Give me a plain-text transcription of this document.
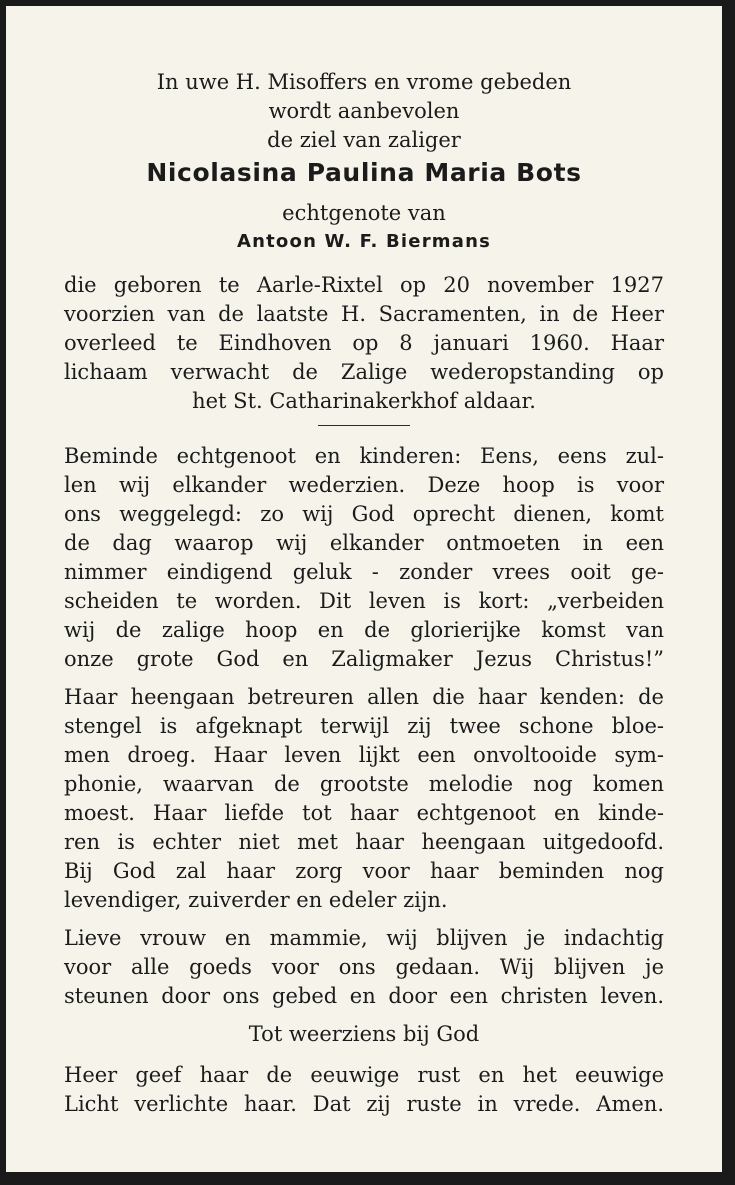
In uwe H. Misoffers en vrome gebeden
wordt aanbevolen
de ziel van zaliger
Nicolasina Paulina Maria Bots
echtgenote van
Antoon W. F. Biermans
die geboren te Aarle-Rixtel op 20 november 1927
voorzien van de laatste H. Sacramenten, in de Heer
overleed te Eindhoven op 8 januari 1960. Haar
lichaam verwacht de Zalige wederopstanding op
het St. Catharinakerkhof aldaar.
Beminde echtgenoot en kinderen: Eens, eens zul-
len wij elkander wederzien. Deze hoop is voor
ons weggelegd: zo wij God oprecht dienen, komt
de dag waarop wij elkander ontmoeten in een
nimmer eindigend geluk - zonder vrees ooit ge-
scheiden te worden. Dit leven is kort: „verbeiden
wij de zalige hoop en de glorierijke komst van
onze grote God en Zaligmaker Jezus Christus!”
Haar heengaan betreuren allen die haar kenden: de
stengel is afgeknapt terwijl zij twee schone bloe-
men droeg. Haar leven lijkt een onvoltooide sym-
phonie, waarvan de grootste melodie nog komen
moest. Haar liefde tot haar echtgenoot en kinde-
ren is echter niet met haar heengaan uitgedoofd.
Bij God zal haar zorg voor haar beminden nog
levendiger, zuiverder en edeler zijn.
Lieve vrouw en mammie, wij blijven je indachtig
voor alle goeds voor ons gedaan. Wij blijven je
steunen door ons gebed en door een christen leven.
Tot weerziens bij God
Heer geef haar de eeuwige rust en het eeuwige
Licht verlichte haar. Dat zij ruste in vrede. Amen.
